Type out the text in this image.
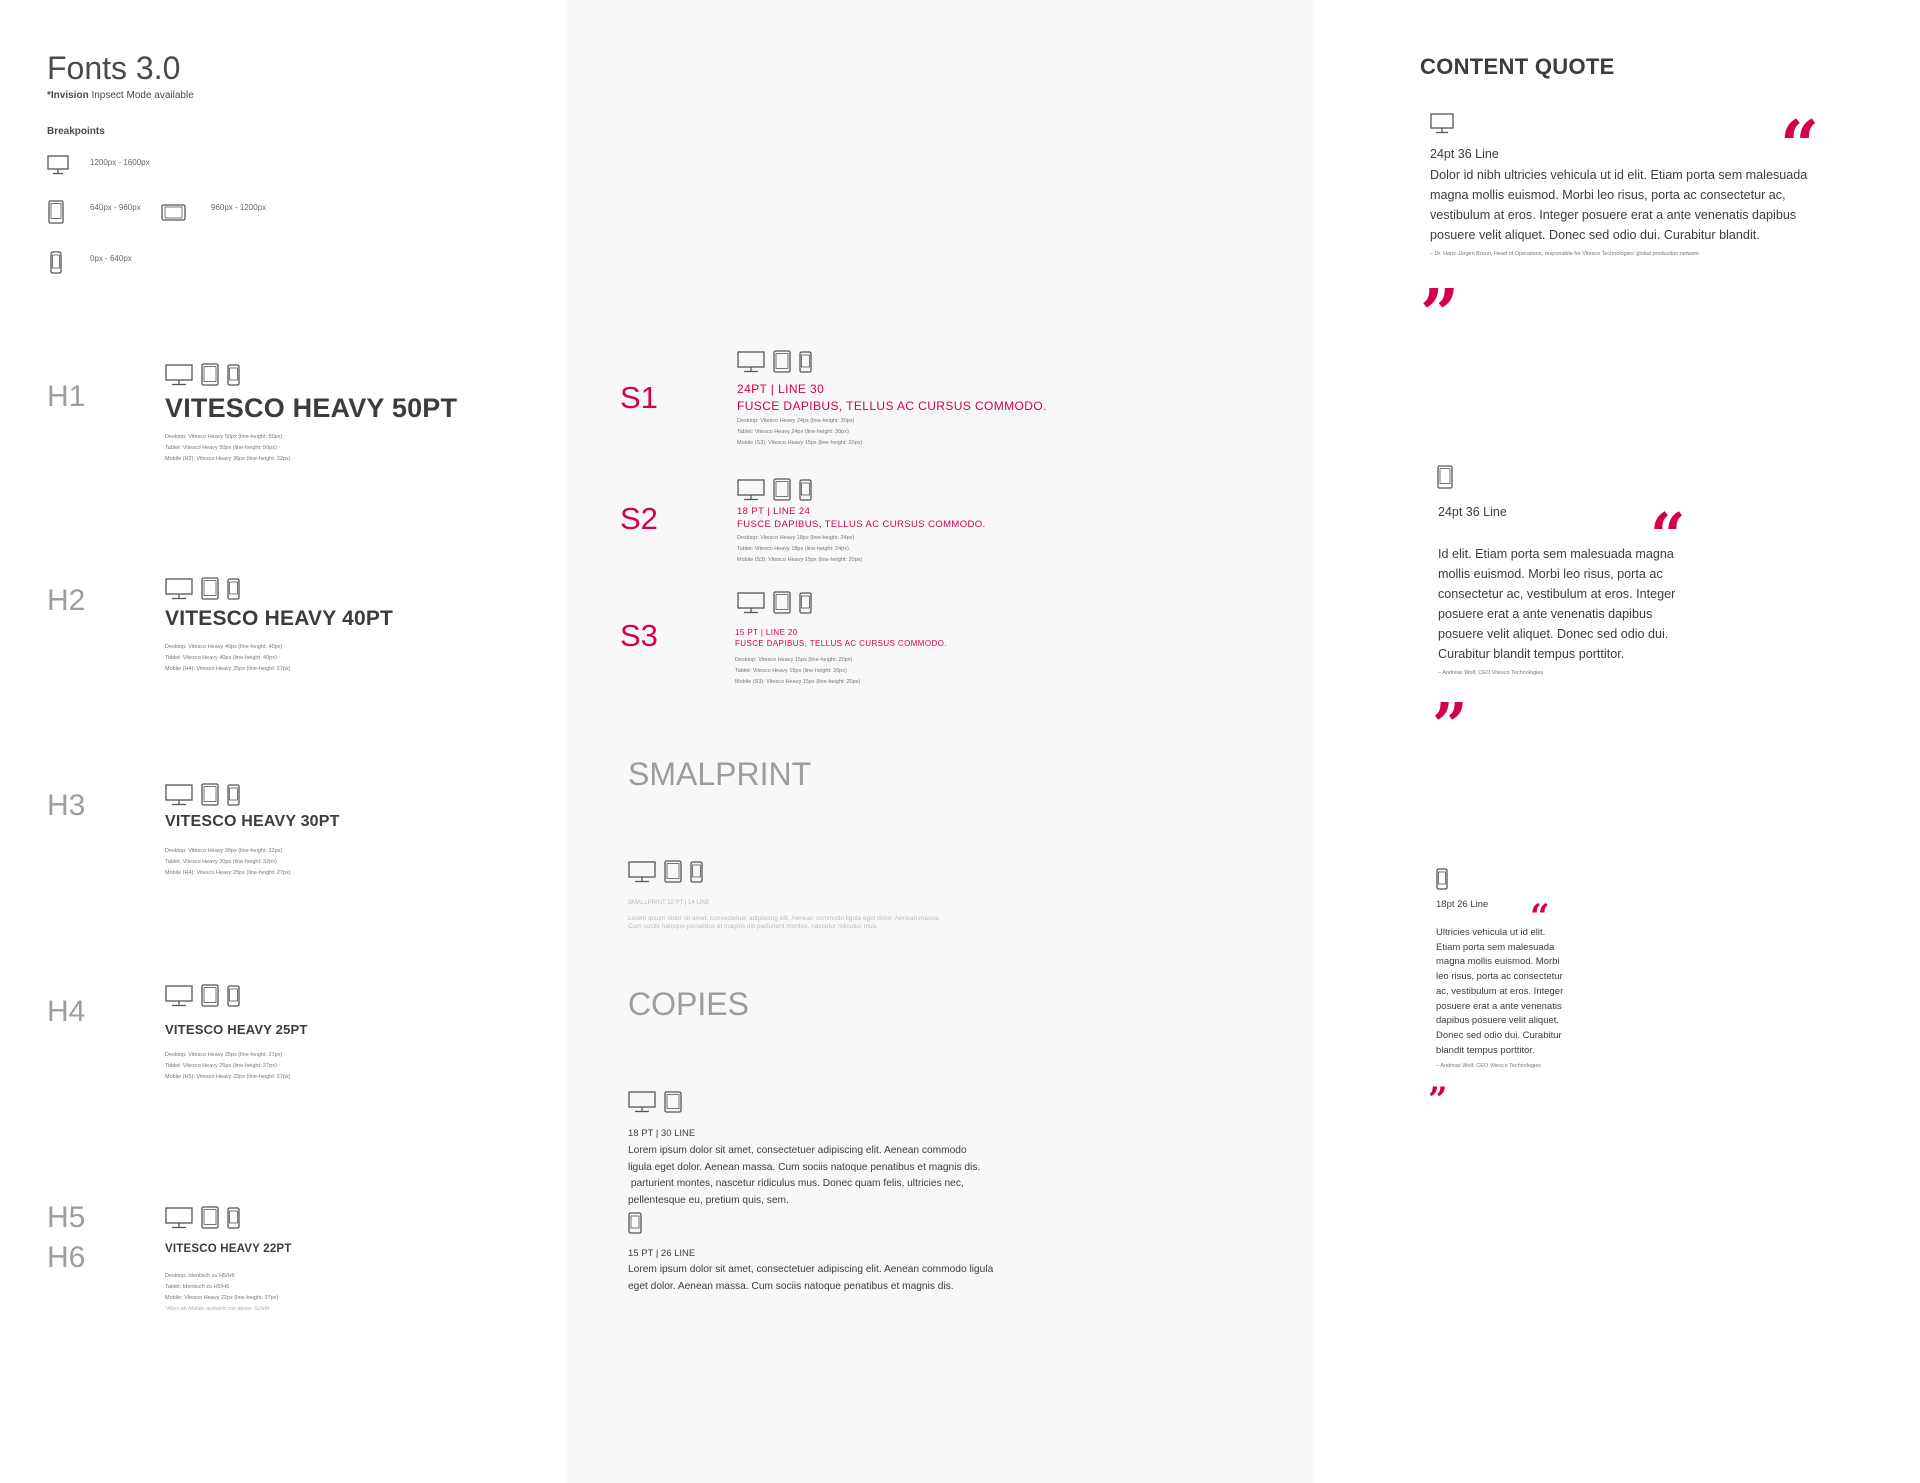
Fonts 3.0
*Invision Inpsect Mode available
Breakpoints
1200px - 1600px
640px - 960px	960px - 1200px
0px - 640px
H1	VITESCO HEAVY 50PT
Desktop: Vitesco Heavy 50px (line-height: 50px)
Tablet: Vitesco Heavy 50px (line-height: 50px)
Mobile (H2): Vitesco Heavy 30px (line-height: 32px)
H2
VITESCO HEAVY 40PT
Desktop: Vitesco Heavy 40px (line-height: 40px)
Tablet: Vitesco Heavy 40px (line-height: 40px)
Mobile (H4): Vitesco Heavy 25px (line-height: 27px)
H3	VITESCO HEAVY 30PT
Desktop: Vitesco Heavy 30px (line-height: 32px)
Tablet: Vitesco Heavy 30px (line-height: 32px)
Mobile (H4): Vitesco Heavy 25px (line-height: 27px)
H4
VITESCO HEAVY 25PT
Desktop: Vitesco Heavy 25px (line-height: 27px)
Tablet: Vitesco Heavy 25px (line-height: 27px)
Mobile (H5): Vitesco Heavy 22px (line-height: 27px)
H5
H6	VITESCO HEAVY 22PT
Desktop: Identisch zu H5/H6
Tablet: Identisch zu H5/H6
Mobile: Vitesco Heavy 22px (line-height: 37px)
*Alles ab Mobile aufwärts mit dieser Schrift
S1	24PT | LINE 30
FUSCE DAPIBUS, TELLUS AC CURSUS COMMODO.
Desktop: Vitesco Heavy 24px (line-height: 30px)
Tablet: Vitesco Heavy 24px (line-height: 30px)
Mobile (S3): Vitesco Heavy 15px (line-height: 20px)
S2	18 PT | LINE 24
FUSCE DAPIBUS, TELLUS AC CURSUS COMMODO.
Desktop: Vitesco Heavy 18px (line-height: 24px)
Tablet: Vitesco Heavy 18px (line-height: 24px)
Mobile (S3): Vitesco Heavy 15px (line-height: 20px)
S3	15 PT | LINE 20
FUSCE DAPIBUS, TELLUS AC CURSUS COMMODO.
Desktop: Vitesco Heavy 15px (line-height: 20px)
Tablet: Vitesco Heavy 15px (line-height: 20px)
Mobile (S3): Vitesco Heavy 15px (line-height: 20px)
SMALPRINT
SMALLPRINT 12 PT | 14 LINE
Lorem ipsum dolor sit amet, consectetuer adipiscing elit. Aenean commodo ligula eget dolor. Aenean massa.
Cum sociis natoque penatibus et magnis dis parturient montes, nascetur ridiculus mus.
COPIES
18 PT | 30 LINE
Lorem ipsum dolor sit amet, consectetuer adipiscing elit. Aenean commodo
ligula eget dolor. Aenean massa. Cum sociis natoque penatibus et magnis dis.
parturient montes, nascetur ridiculus mus. Donec quam felis, ultricies nec,
pellentesque eu, pretium quis, sem.
15 PT | 26 LINE
Lorem ipsum dolor sit amet, consectetuer adipiscing elit. Aenean commodo ligula
eget dolor. Aenean massa. Cum sociis natoque penatibus et magnis dis.
CONTENT QUOTE
24pt 36 Line
Dolor id nibh ultricies vehicula ut id elit. Etiam porta sem malesuada
magna mollis euismod. Morbi leo risus, porta ac consectetur ac,
vestibulum at eros. Integer posuere erat a ante venenatis dapibus
posuere velit aliquet. Donec sed odio dui. Curabitur blandit.
– Dr. Hans-Jürgen Braun, Head of Operations, responsible for Vitesco Technologies' global production network
“
”
24pt 36 Line
Id elit. Etiam porta sem malesuada magna
mollis euismod. Morbi leo risus, porta ac
consectetur ac, vestibulum at eros. Integer
posuere erat a ante venenatis dapibus
posuere velit aliquet. Donec sed odio dui.
Curabitur blandit tempus porttitor.
– Andreas Wolf, CEO Vitesco Technologies
“
”
18pt 26 Line
Ultricies vehicula ut id elit.
Etiam porta sem malesuada
magna mollis euismod. Morbi
leo risus, porta ac consectetur
ac, vestibulum at eros. Integer
posuere erat a ante venenatis
dapibus posuere velit aliquet.
Donec sed odio dui. Curabitur
blandit tempus porttitor.
– Andreas Wolf, CEO Vitesco Technologies
“
”
